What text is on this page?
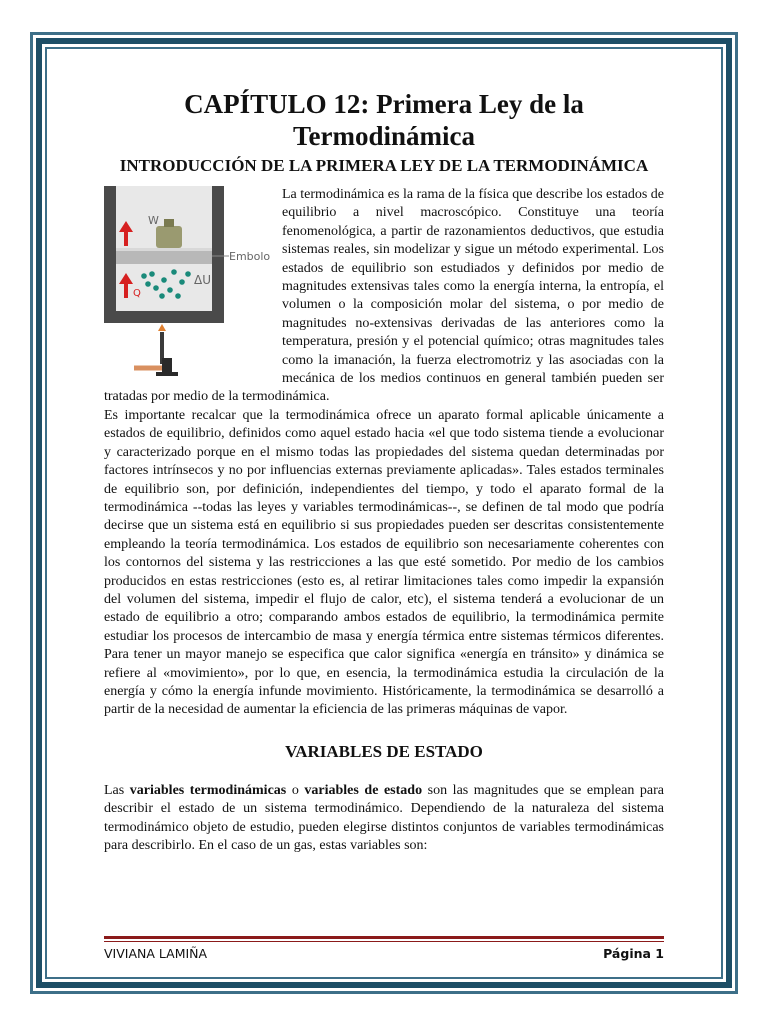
CAPÍTULO 12: Primera Ley de la Termodinámica
INTRODUCCIÓN DE LA PRIMERA LEY DE LA TERMODINÁMICA
W
Embolo
ΔU
Q

La termodinámica es la rama de la física que describe los estados de equilibrio a nivel macroscópico. Constituye una teoría fenomenológica, a partir de razonamientos deductivos, que estudia sistemas reales, sin modelizar y sigue un método experimental. Los estados de equilibrio son estudiados y definidos por medio de magnitudes extensivas tales como la energía interna, la entropía, el volumen o la composición molar del sistema, o por medio de magnitudes no-extensivas derivadas de las anteriores como la temperatura, presión y el potencial químico; otras magnitudes tales como la imanación, la fuerza electromotriz y las asociadas con la mecánica de los medios continuos en general también pueden ser tratadas por medio de la termodinámica.

Es importante recalcar que la termodinámica ofrece un aparato formal aplicable únicamente a estados de equilibrio, definidos como aquel estado hacia «el que todo sistema tiende a evolucionar y caracterizado porque en el mismo todas las propiedades del sistema quedan determinadas por factores intrínsecos y no por influencias externas previamente aplicadas». Tales estados terminales de equilibrio son, por definición, independientes del tiempo, y todo el aparato formal de la termodinámica --todas las leyes y variables termodinámicas--, se definen de tal modo que podría decirse que un sistema está en equilibrio si sus propiedades pueden ser descritas consistentemente empleando la teoría termodinámica. Los estados de equilibrio son necesariamente coherentes con los contornos del sistema y las restricciones a las que esté sometido. Por medio de los cambios producidos en estas restricciones (esto es, al retirar limitaciones tales como impedir la expansión del volumen del sistema, impedir el flujo de calor, etc), el sistema tenderá a evolucionar de un estado de equilibrio a otro; comparando ambos estados de equilibrio, la termodinámica permite estudiar los procesos de intercambio de masa y energía térmica entre sistemas térmicos diferentes. Para tener un mayor manejo se especifica que calor significa «energía en tránsito» y dinámica se refiere al «movimiento», por lo que, en esencia, la termodinámica estudia la circulación de la energía y cómo la energía infunde movimiento. Históricamente, la termodinámica se desarrolló a partir de la necesidad de aumentar la eficiencia de las primeras máquinas de vapor.

VARIABLES DE ESTADO

Las variables termodinámicas o variables de estado son las magnitudes que se emplean para describir el estado de un sistema termodinámico. Dependiendo de la naturaleza del sistema termodinámico objeto de estudio, pueden elegirse distintos conjuntos de variables termodinámicas para describirlo. En el caso de un gas, estas variables son:

VIVIANA LAMIÑA	Página 1
